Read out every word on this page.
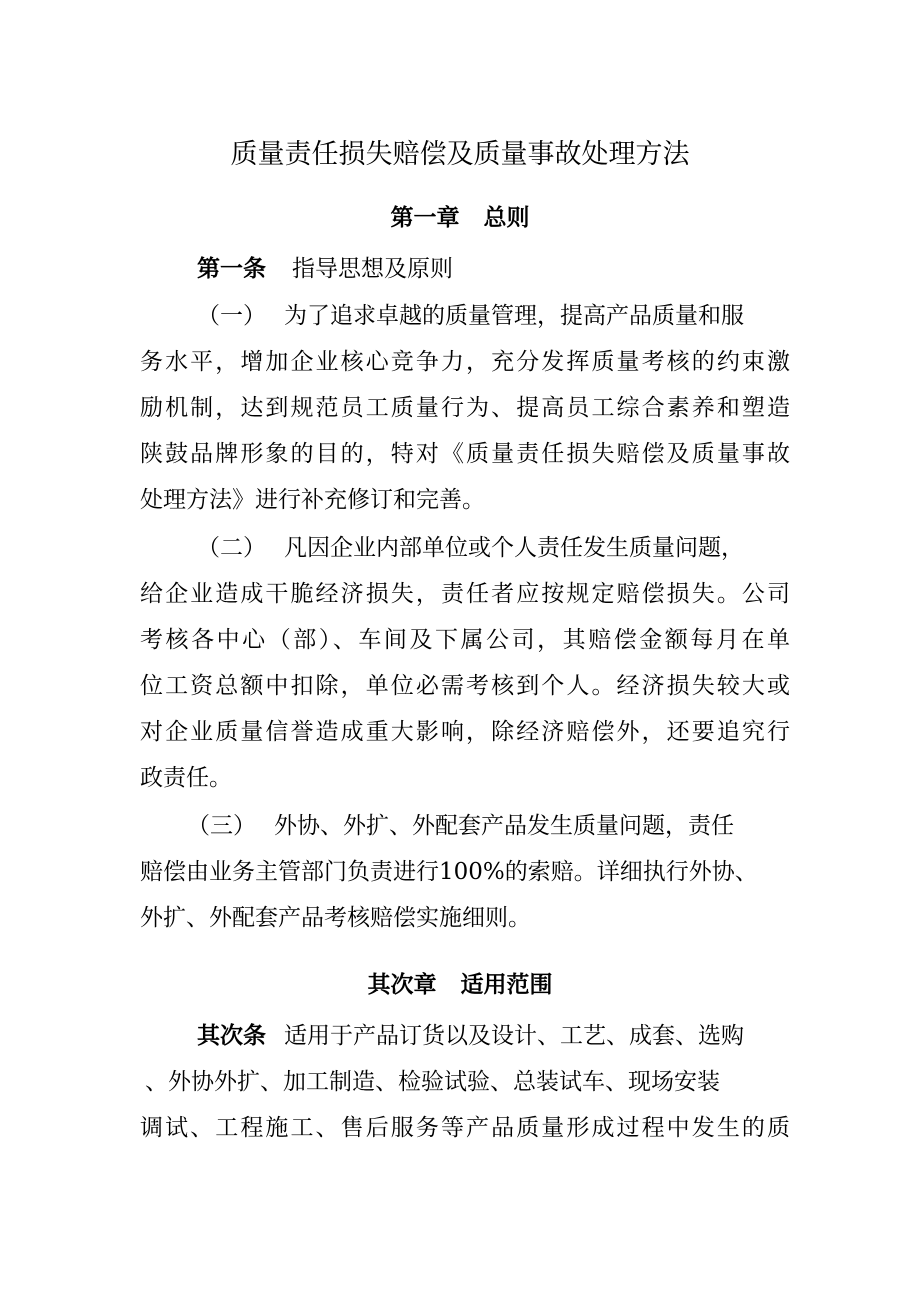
质量责任损失赔偿及质量事故处理方法
第一章 总则
第一条 指导思想及原则
（一） 为了追求卓越的质量管理，提高产品质量和服
务水平，增加企业核心竞争力，充分发挥质量考核的约束激
励机制，达到规范员工质量行为、提高员工综合素养和塑造
陕鼓品牌形象的目的，特对《质量责任损失赔偿及质量事故
处理方法》进行补充修订和完善。
（二） 凡因企业内部单位或个人责任发生质量问题，
给企业造成干脆经济损失，责任者应按规定赔偿损失。公司
考核各中心（部）、车间及下属公司，其赔偿金额每月在单
位工资总额中扣除，单位必需考核到个人。经济损失较大或
对企业质量信誉造成重大影响，除经济赔偿外，还要追究行
政责任。
（三） 外协、外扩、外配套产品发生质量问题，责任
赔偿由业务主管部门负责进行100%的索赔。详细执行外协、
外扩、外配套产品考核赔偿实施细则。
其次章 适用范围
其次条 适用于产品订货以及设计、工艺、成套、选购
、外协外扩、加工制造、检验试验、总装试车、现场安装
调试、工程施工、售后服务等产品质量形成过程中发生的质
